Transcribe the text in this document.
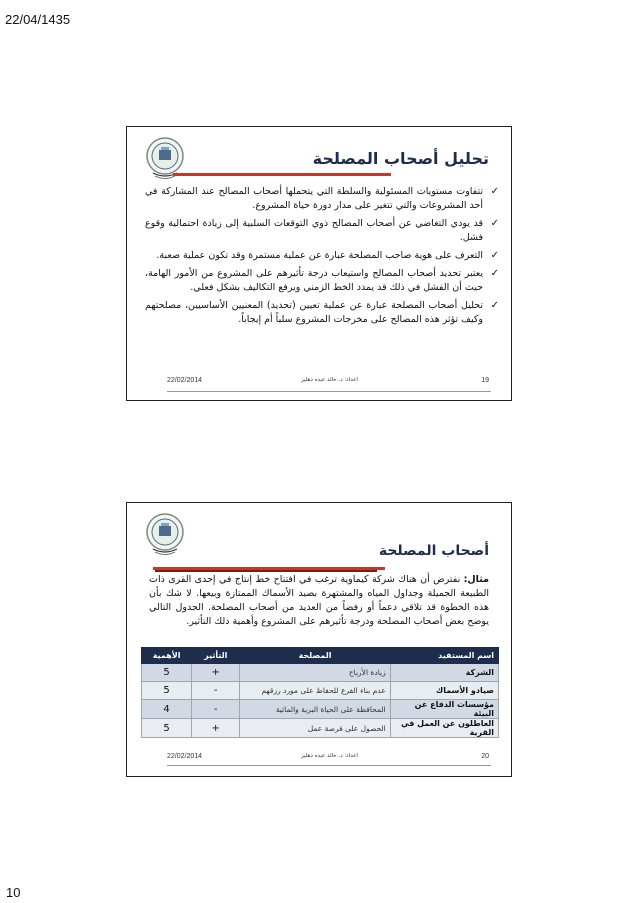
22/04/1435
تحليل أصحاب المصلحة
✓
تتفاوت مستويات المسئولية والسلطة التي يتحملها أصحاب المصالح عند المشاركة في أحد المشروعات والتي تتغير على مدار دورة حياة المشروع.
✓
قد يودي التغاضي عن أصحاب المصالح ذوي التوقعات السلبية إلى زيادة احتمالية وقوع فشل.
✓
التعرف على هوية صاحب المصلحة عبارة عن عملية مستمرة وقد تكون عملية صعبة.
✓
يعتبر تحديد أصحاب المصالح واستيعاب درجة تأثيرهم على المشروع من الأمور الهامة، حيث أن الفشل في ذلك قد يمدد الخط الزمني ويرفع التكاليف بشكل فعلي.
✓
تحليل أصحاب المصلحة عبارة عن عملية تعيين (تحديد) المعنيين الأساسيين، مصلحتهم وكيف تؤثر هذه المصالح على مخرجات المشروع سلباً أم إيجاباً.
22/02/2014	اعداد: د. خالد عبده دهليز	19
أصحاب المصلحة
مثال: نفترض أن هناك شركة كيماوية ترغب في افتتاح خط إنتاج في إحدى القرى ذات الطبيعة الجميلة وجداول المياه والمشتهرة بصيد الأسماك الممتازة وبيعها. لا شك بأن هذه الخطوة قد تلاقي دعماً أو رفضاً من العديد من أصحاب المصلحة. الجدول التالي يوضح بعض أصحاب المصلحة ودرجة تأثيرهم على المشروع وأهمية ذلك التأثير.
اسم المستفيد	المصلحة	التأثير	الأهمية
الشركة	زيادة الأرباح	+	5
صيادو الأسماك	عدم بناء الفرع للحفاظ على مورد رزقهم	-	5
مؤسسات الدفاع عن البيئة	المحافظة على الحياة البرية والمائية	-	4
العاطلون عن العمل في القرية	الحصول على فرصة عمل	+	5
22/02/2014	اعداد: د. خالد عبده دهليز	20
10
